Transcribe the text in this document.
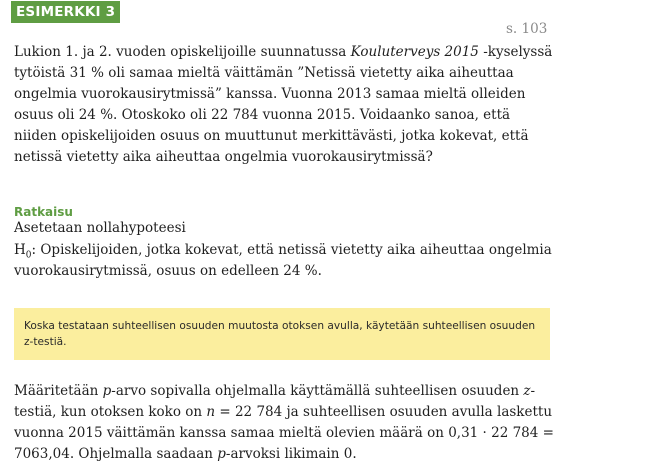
ESIMERKKI 3
s. 103

Lukion 1. ja 2. vuoden opiskelijoille suunnatussa Kouluterveys 2015 -kyselyssä tytöistä 31 % oli samaa mieltä väittämän ”Netissä vietetty aika aiheuttaa ongelmia vuorokausirytmissä” kanssa. Vuonna 2013 samaa mieltä olleiden osuus oli 24 %. Otoskoko oli 22 784 vuonna 2015. Voidaanko sanoa, että niiden opiskelijoiden osuus on muuttunut merkittävästi, jotka kokevat, että netissä vietetty aika aiheuttaa ongelmia vuorokausirytmissä?

Ratkaisu

Asetetaan nollahypoteesi

$H_0$: Opiskelijoiden, jotka kokevat, että netissä vietetty aika aiheuttaa ongelmia vuorokausirytmissä, osuus on edelleen 24 %.

Koska testataan suhteellisen osuuden muutosta otoksen avulla, käytetään suhteellisen osuuden z-testiä.

Määritetään p-arvo sopivalla ohjelmalla käyttämällä suhteellisen osuuden z-testiä, kun otoksen koko on n = 22 784 ja suhteellisen osuuden avulla laskettu vuonna 2015 väittämän kanssa samaa mieltä olevien määrä on 0,31 · 22 784 = 7063,04. Ohjelmalla saadaan p-arvoksi likimain 0.
